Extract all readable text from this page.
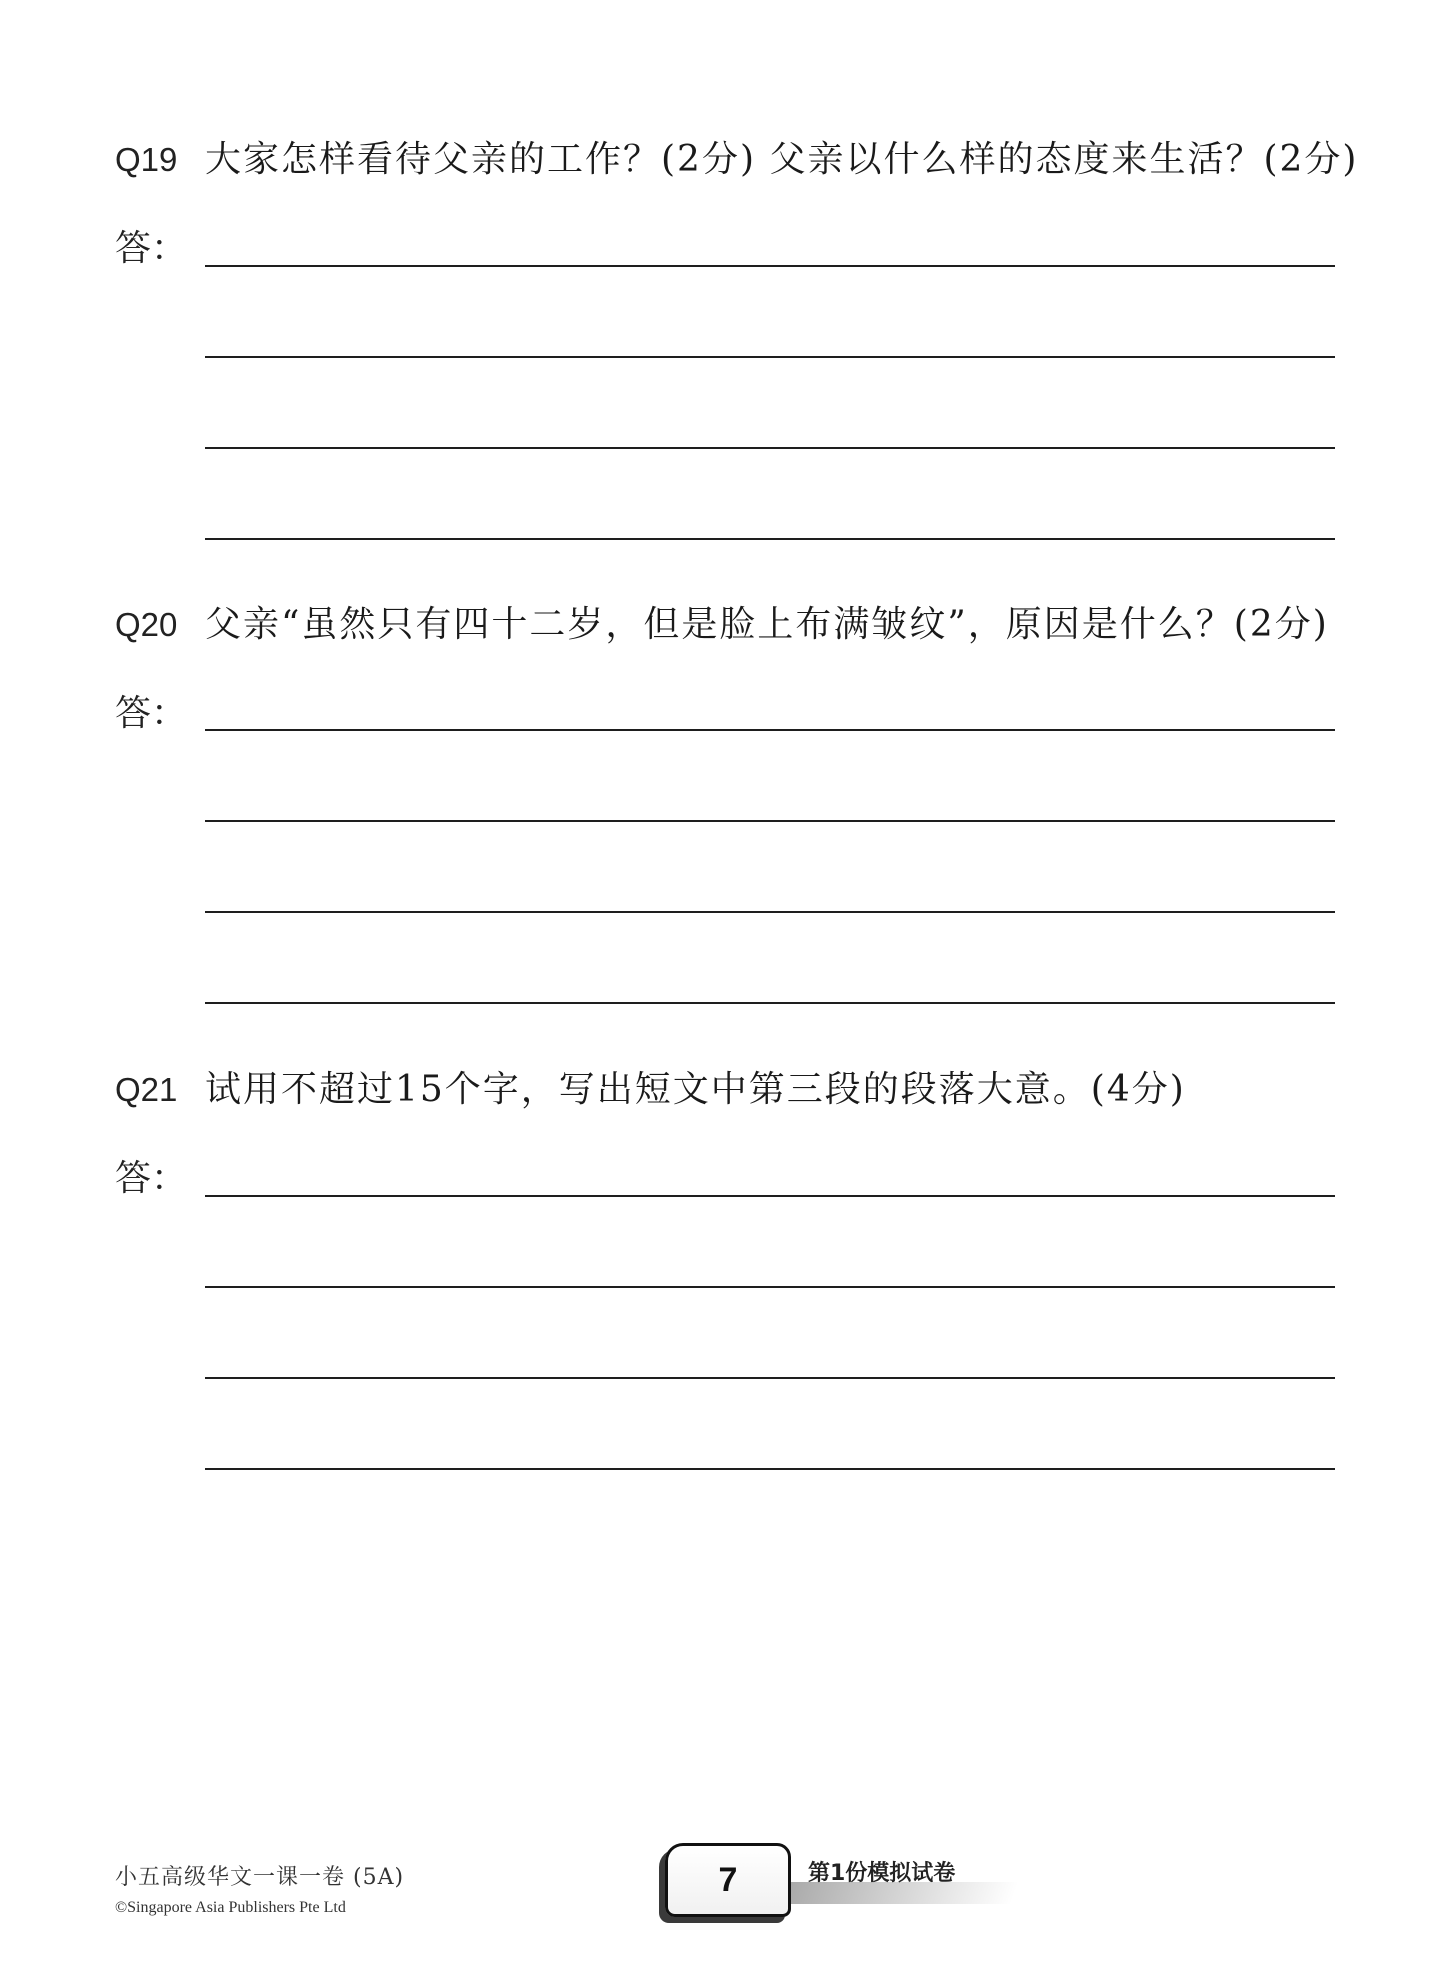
Q19 大家怎样看待父亲的工作？(2分) 父亲以什么样的态度来生活？(2分)
答：
Q20 父亲“虽然只有四十二岁，但是脸上布满皱纹”，原因是什么？(2分)
答：
Q21 试用不超过15个字，写出短文中第三段的段落大意。(4分)
答：
小五高级华文一课一卷 (5A)
©Singapore Asia Publishers Pte Ltd
7	第1份模拟试卷
